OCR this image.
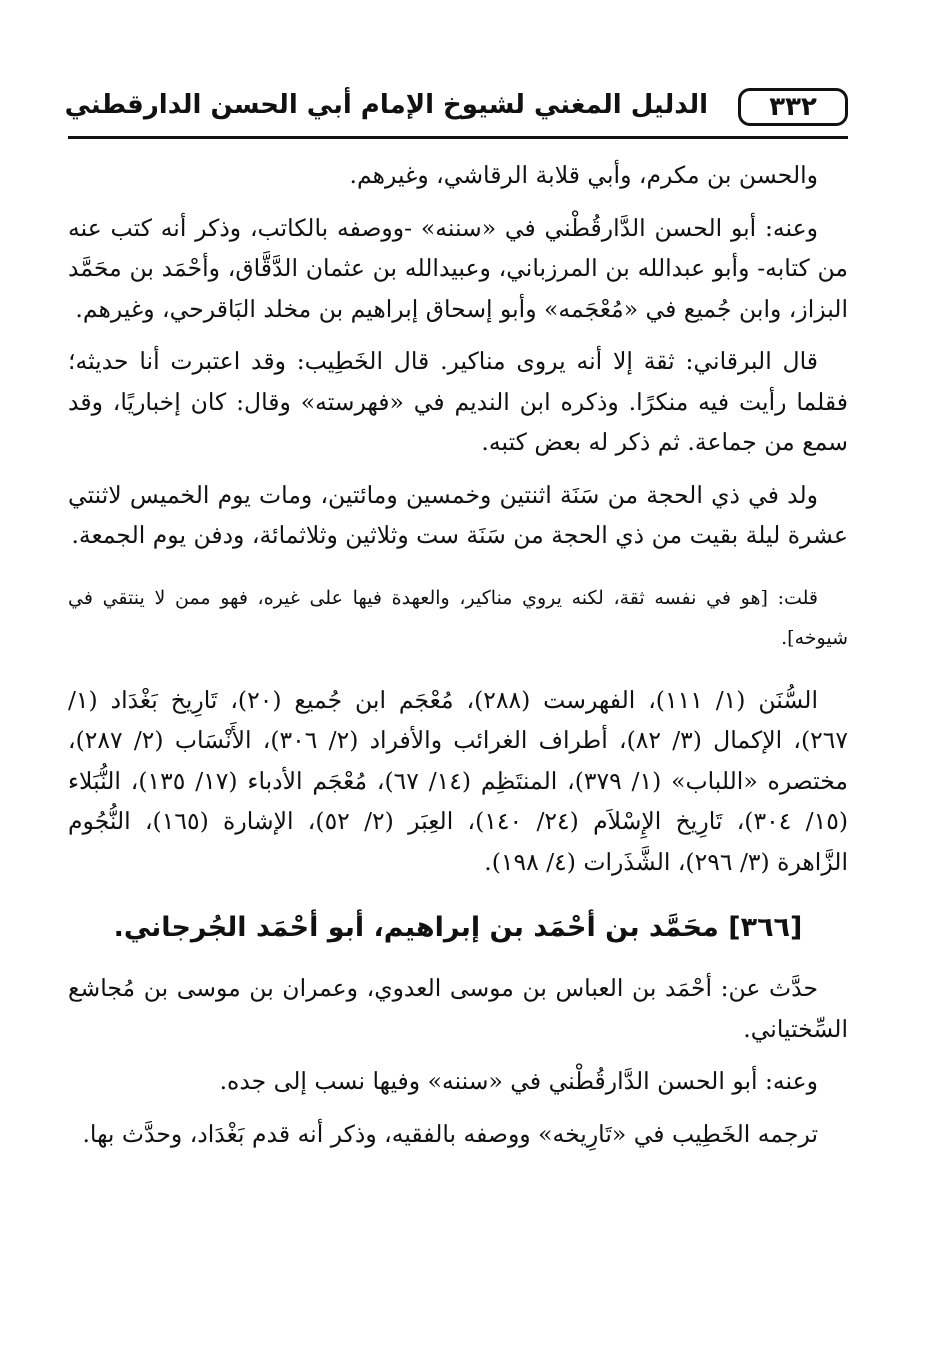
٣٣٢
الدليل المغني لشيوخ الإمام أبي الحسن الدارقطني

والحسن بن مكرم، وأبي قلابة الرقاشي، وغيرهم.

وعنه: أبو الحسن الدَّارقُطْني في «سننه» -ووصفه بالكاتب، وذكر أنه كتب عنه من كتابه- وأبو عبدالله بن المرزباني، وعبيدالله بن عثمان الدَّقَّاق، وأحْمَد بن محَمَّد البزاز، وابن جُميع في «مُعْجَمه» وأبو إسحاق إبراهيم بن مخلد البَاقرحي، وغيرهم.

قال البرقاني: ثقة إلا أنه يروى مناكير. قال الخَطِيب: وقد اعتبرت أنا حديثه؛ فقلما رأيت فيه منكرًا. وذكره ابن النديم في «فهرسته» وقال: كان إخباريًا، وقد سمع من جماعة. ثم ذكر له بعض كتبه.

ولد في ذي الحجة من سَنَة اثنتين وخمسين ومائتين، ومات يوم الخميس لاثنتي عشرة ليلة بقيت من ذي الحجة من سَنَة ست وثلاثين وثلاثمائة، ودفن يوم الجمعة.

قلت: [هو في نفسه ثقة، لكنه يروي مناكير، والعهدة فيها على غيره، فهو ممن لا ينتقي في شيوخه].

السُّنَن (١/ ١١١)، الفهرست (٢٨٨)، مُعْجَم ابن جُميع (٢٠)، تَارِيخ بَغْدَاد (١/ ٢٦٧)، الإكمال (٣/ ٨٢)، أطراف الغرائب والأفراد (٢/ ٣٠٦)، الأَنْسَاب (٢/ ٢٨٧)، مختصره «اللباب» (١/ ٣٧٩)، المنتَظِم (١٤/ ٦٧)، مُعْجَم الأدباء (١٧/ ١٣٥)، النُّبَلاء (١٥/ ٣٠٤)، تَارِيخ الإِسْلاَم (٢٤/ ١٤٠)، العِبَر (٢/ ٥٢)، الإشارة (١٦٥)، النُّجُوم الزَّاهرة (٣/ ٢٩٦)، الشَّذَرات (٤/ ١٩٨).

[٣٦٦] محَمَّد بن أحْمَد بن إبراهيم، أبو أحْمَد الجُرجاني.

حدَّث عن: أحْمَد بن العباس بن موسى العدوي، وعمران بن موسى بن مُجاشع السِّختياني.

وعنه: أبو الحسن الدَّارقُطْني في «سننه» وفيها نسب إلى جده.

ترجمه الخَطِيب في «تَارِيخه» ووصفه بالفقيه، وذكر أنه قدم بَغْدَاد، وحدَّث بها.
